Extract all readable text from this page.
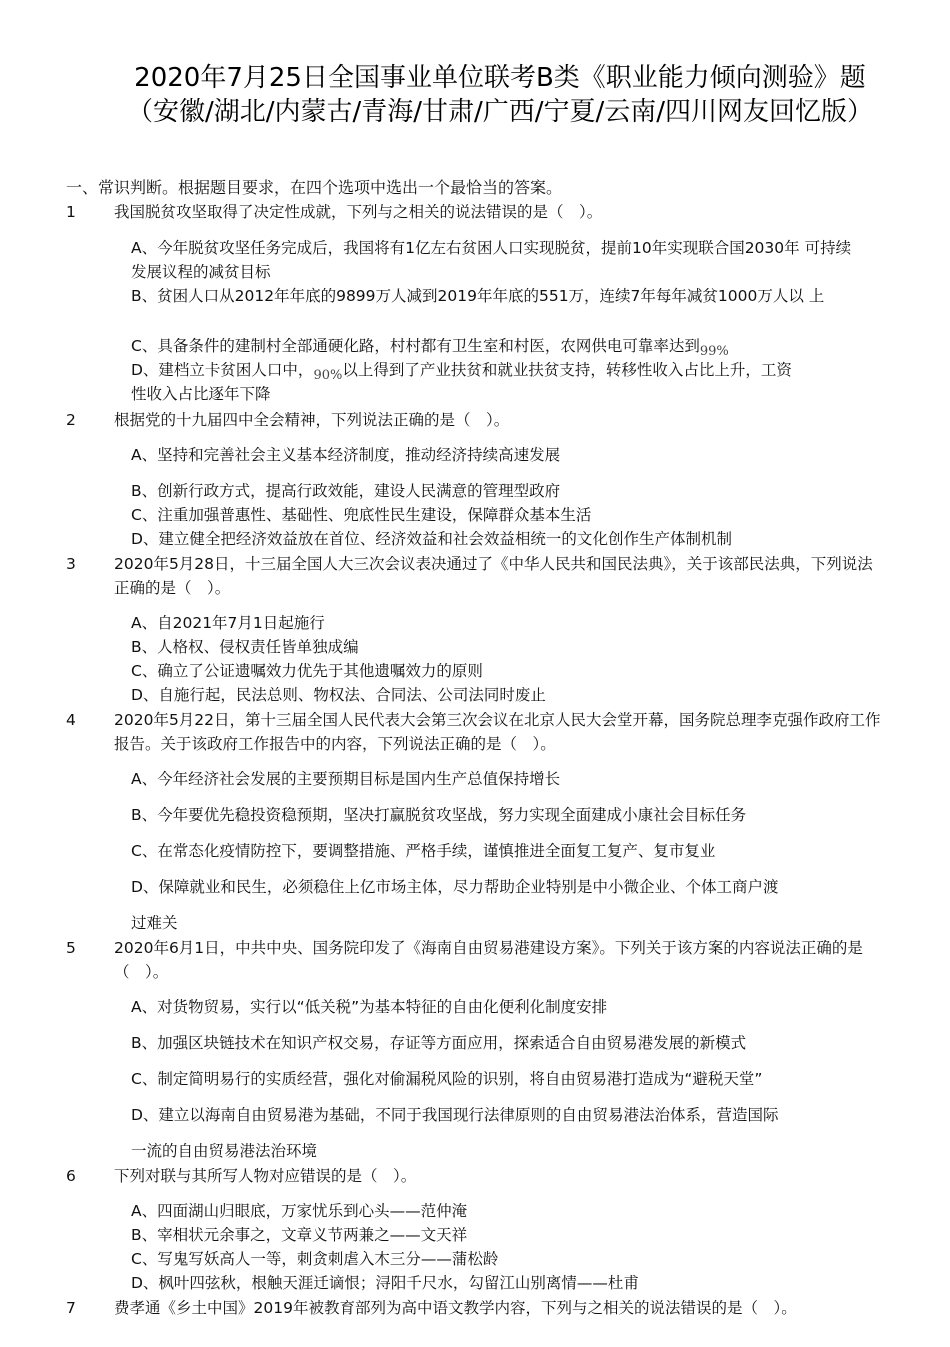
2020年7月25日全国事业单位联考B类《职业能力倾向测验》题
（安徽/湖北/内蒙古/青海/甘肃/广西/宁夏/云南/四川网友回忆版）
一、常识判断。根据题目要求，在四个选项中选出一个最恰当的答案。
1 我国脱贫攻坚取得了决定性成就，下列与之相关的说法错误的是（　）。
A、今年脱贫攻坚任务完成后，我国将有1亿左右贫困人口实现脱贫，提前10年实现联合国2030年 可持续发展议程的减贫目标
B、贫困人口从2012年年底的9899万人减到2019年年底的551万，连续7年每年减贫1000万人以 上
C、具备条件的建制村全部通硬化路，村村都有卫生室和村医，农网供电可靠率达到$_{99\%}$
D、建档立卡贫困人口中，$_{90\%}$以上得到了产业扶贫和就业扶贫支持，转移性收入占比上升，工资
性收入占比逐年下降
2 根据党的十九届四中全会精神，下列说法正确的是（　）。
A、坚持和完善社会主义基本经济制度，推动经济持续高速发展
B、创新行政方式，提高行政效能，建设人民满意的管理型政府
C、注重加强普惠性、基础性、兜底性民生建设，保障群众基本生活
D、建立健全把经济效益放在首位、经济效益和社会效益相统一的文化创作生产体制机制
3 2020年5月28日，十三届全国人大三次会议表决通过了《中华人民共和国民法典》，关于该部民法典，下列说法正确的是（　）。
A、自2021年7月1日起施行
B、人格权、侵权责任皆单独成编
C、确立了公证遗嘱效力优先于其他遗嘱效力的原则
D、自施行起，民法总则、物权法、合同法、公司法同时废止
4 2020年5月22日，第十三届全国人民代表大会第三次会议在北京人民大会堂开幕，国务院总理李克强作政府工作报告。关于该政府工作报告中的内容，下列说法正确的是（　）。
A、今年经济社会发展的主要预期目标是国内生产总值保持增长
B、今年要优先稳投资稳预期，坚决打赢脱贫攻坚战，努力实现全面建成小康社会目标任务
C、在常态化疫情防控下，要调整措施、严格手续，谨慎推进全面复工复产、复市复业
D、保障就业和民生，必须稳住上亿市场主体，尽力帮助企业特别是中小微企业、个体工商户渡
过难关
5 2020年6月1日，中共中央、国务院印发了《海南自由贸易港建设方案》。下列关于该方案的内容说法正确的是（　）。
A、对货物贸易，实行以“低关税”为基本特征的自由化便利化制度安排
B、加强区块链技术在知识产权交易，存证等方面应用，探索适合自由贸易港发展的新模式
C、制定简明易行的实质经营，强化对偷漏税风险的识别，将自由贸易港打造成为“避税天堂”
D、建立以海南自由贸易港为基础，不同于我国现行法律原则的自由贸易港法治体系，营造国际
一流的自由贸易港法治环境
6 下列对联与其所写人物对应错误的是（　）。
A、四面湖山归眼底，万家忧乐到心头——范仲淹
B、宰相状元余事之，文章义节两兼之——文天祥
C、写鬼写妖高人一等，刺贪刺虐入木三分——蒲松龄
D、枫叶四弦秋，根触天涯迁谪恨；浔阳千尺水，勾留江山别离情——杜甫
7 费孝通《乡土中国》2019年被教育部列为高中语文教学内容，下列与之相关的说法错误的是（　）。
